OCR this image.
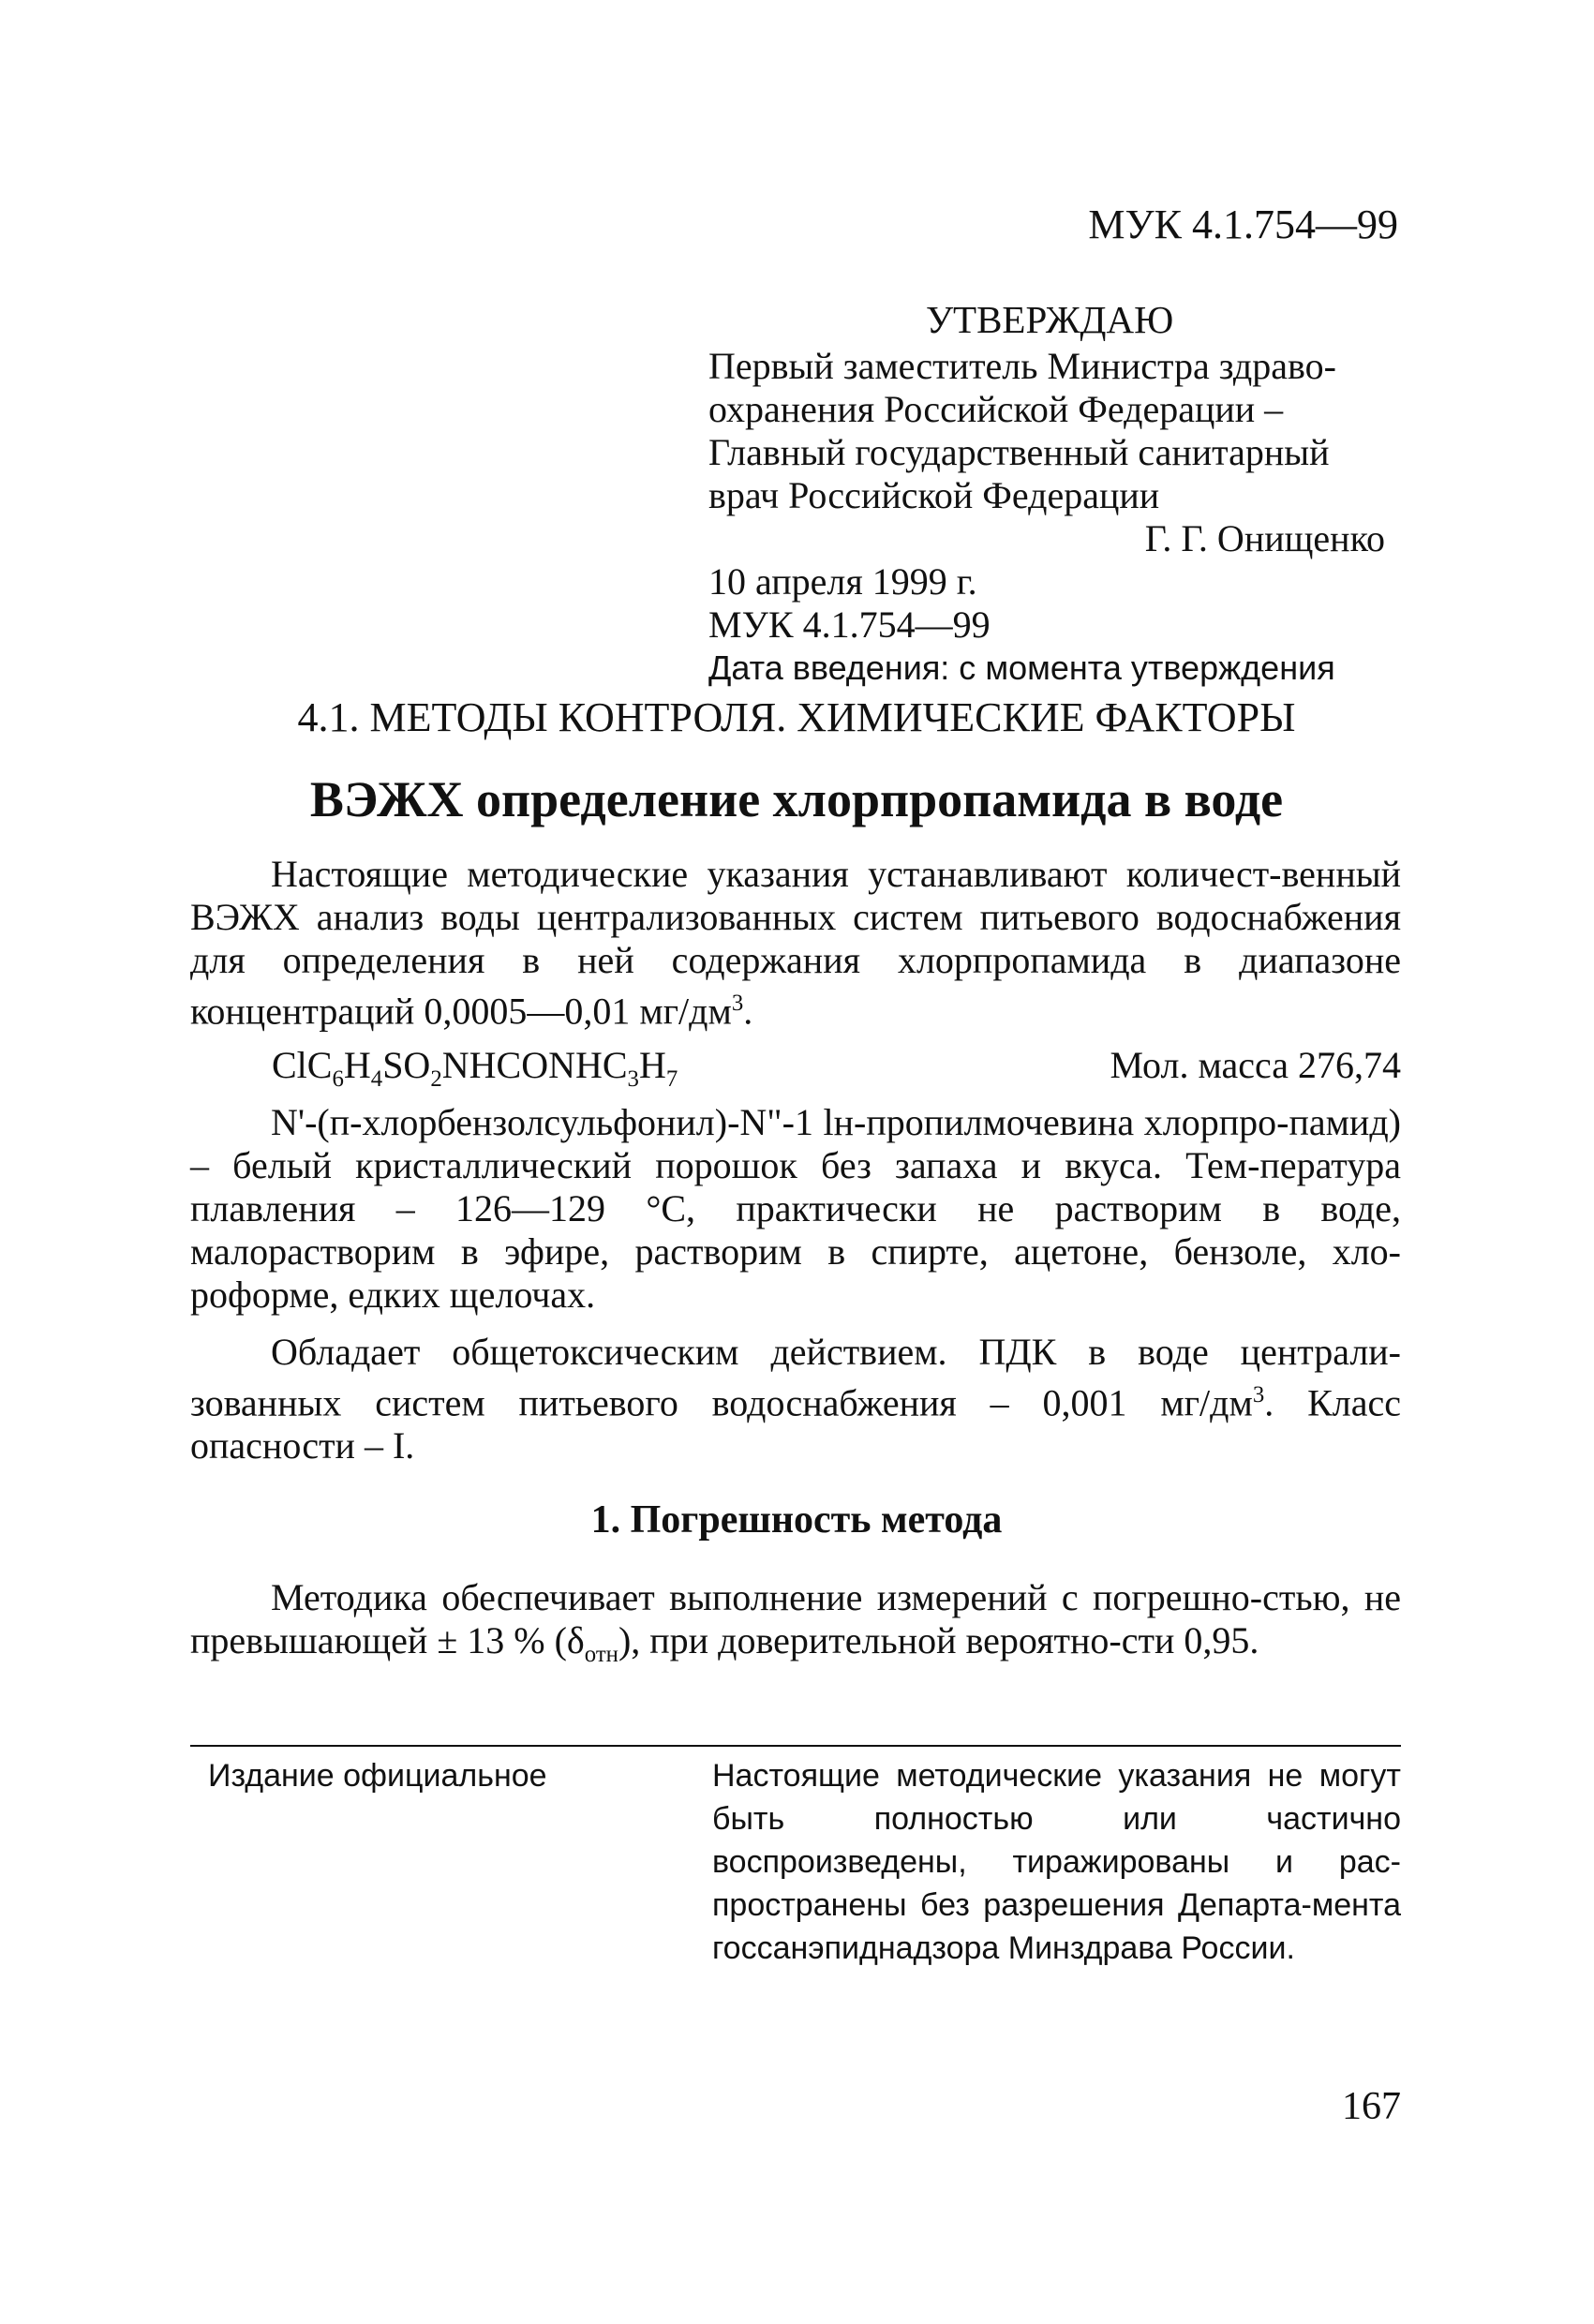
МУК 4.1.754—99
УТВЕРЖДАЮ
Первый заместитель Министра здраво-
охранения Российской Федерации –
Главный государственный санитарный
врач Российской Федерации
Г. Г. Онищенко
10 апреля 1999 г.
МУК 4.1.754—99
Дата введения: с момента утверждения
4.1. МЕТОДЫ КОНТРОЛЯ. ХИМИЧЕСКИЕ ФАКТОРЫ
ВЭЖХ определение хлорпропамида в воде

Настоящие методические указания устанавливают количест-венный ВЭЖХ анализ воды централизованных систем питьевого водоснабжения для определения в ней содержания хлорпропамида в диапазоне концентраций 0,0005—0,01 $мг/дм^3$.

$ClC_6H_4SO_2NHCONHC_3H_7$	Мол. масса 276,74

N'-(п-хлорбензолсульфонил)-N"-1 lн-пропилмочевина хлорпро-памид) – белый кристаллический порошок без запаха и вкуса. Тем-пература плавления – 126—129 °С, практически не растворим в воде, малорастворим в эфире, растворим в спирте, ацетоне, бензоле, хло-роформе, едких щелочах.

Обладает общетоксическим действием. ПДК в воде централи-зованных систем питьевого водоснабжения – 0,001 $мг/дм^3$. Класс опасности – I.

1. Погрешность метода

Методика обеспечивает выполнение измерений с погрешно-стью, не превышающей ± 13 % $(\delta_{отн})$, при доверительной вероятно-сти 0,95.

Издание официальное	Настоящие методические указания не могут быть полностью или частично воспроизведены, тиражированы и рас-пространены без разрешения Департа-мента госсанэпиднадзора Минздрава России.
167
